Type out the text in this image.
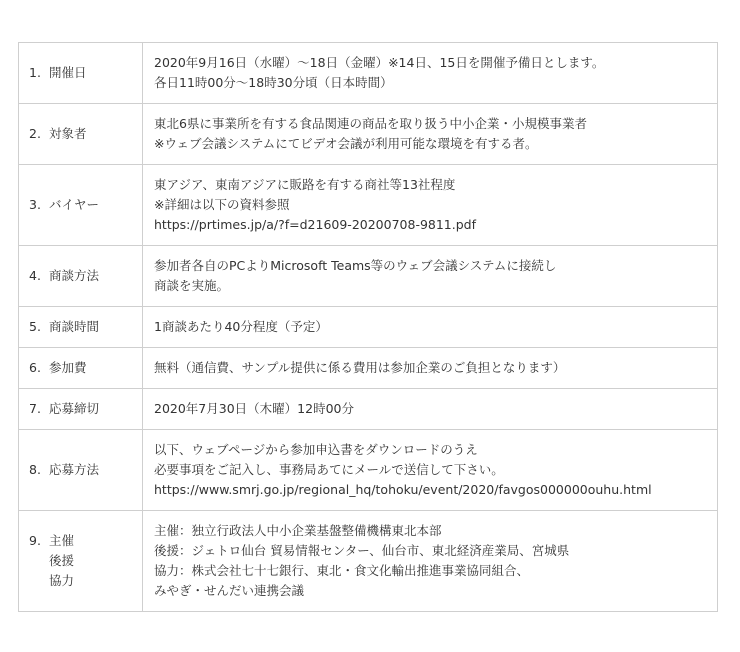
1. 開催日	2020年9月16日（水曜）～18日（金曜）※14日、15日を開催予備日とします。
各日11時00分～18時30分頃（日本時間）

2. 対象者	東北6県に事業所を有する食品関連の商品を取り扱う中小企業・小規模事業者
※ウェブ会議システムにてビデオ会議が利用可能な環境を有する者。

3. バイヤー	東アジア、東南アジアに販路を有する商社等13社程度
※詳細は以下の資料参照
https://prtimes.jp/a/?f=d21609-20200708-9811.pdf

4. 商談方法	参加者各自のPCよりMicrosoft Teams等のウェブ会議システムに接続し
商談を実施。

5. 商談時間	1商談あたり40分程度（予定）

6. 参加費	無料（通信費、サンプル提供に係る費用は参加企業のご負担となります）

7. 応募締切	2020年7月30日（木曜）12時00分

8. 応募方法	以下、ウェブページから参加申込書をダウンロードのうえ
必要事項をご記入し、事務局あてにメールで送信して下さい。
https://www.smrj.go.jp/regional_hq/tohoku/event/2020/favgos000000ouhu.html

9. 主催
後援
協力	主催：独立行政法人中小企業基盤整備機構東北本部
後援：ジェトロ仙台 貿易情報センター、仙台市、東北経済産業局、宮城県
協力：株式会社七十七銀行、東北・食文化輸出推進事業協同組合、
みやぎ・せんだい連携会議
